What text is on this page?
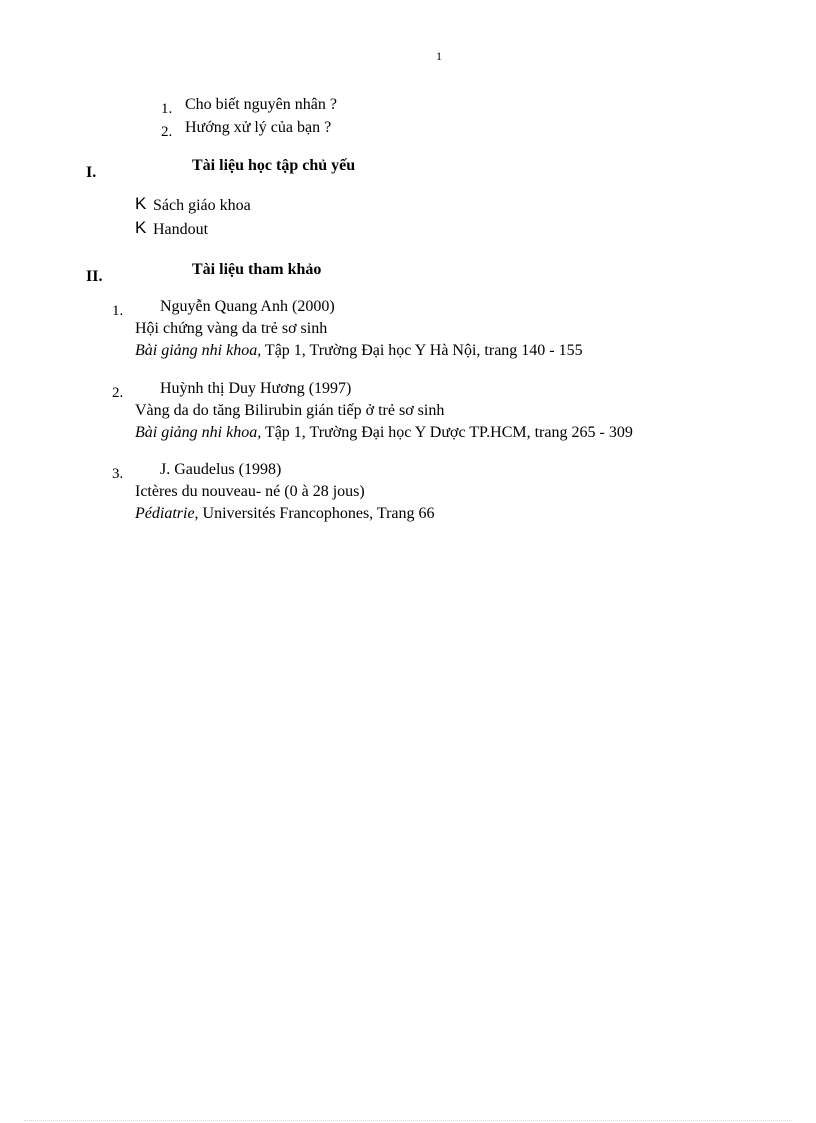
1
1. Cho biết nguyên nhân ?
2. Hướng xử lý của bạn ?
I.	Tài liệu học tập chủ yếu
K Sách giáo khoa
K Handout
II.	Tài liệu tham khảo
1. Nguyễn Quang Anh (2000)
Hội chứng vàng da trẻ sơ sinh
Bài giảng nhi khoa, Tập 1, Trường Đại học Y Hà Nội, trang 140 - 155
2. Huỳnh thị Duy Hương (1997)
Vàng da do tăng Bilirubin gián tiếp ở trẻ sơ sinh
Bài giảng nhi khoa, Tập 1, Trường Đại học Y Dược TP.HCM, trang 265 - 309
3. J. Gaudelus (1998)
Ictères du nouveau- né (0 à 28 jous)
Pédiatrie, Universités Francophones, Trang 66
